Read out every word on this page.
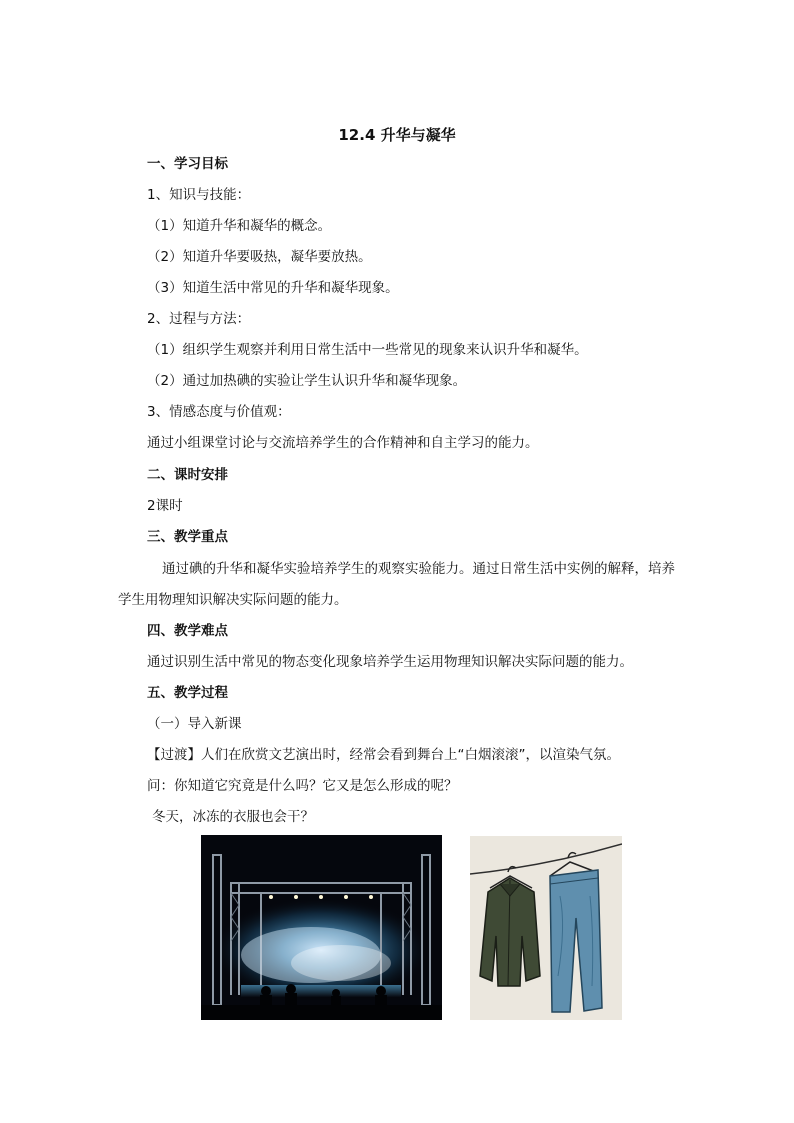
12.4 升华与凝华
一、学习目标
1、知识与技能：
（1）知道升华和凝华的概念。
（2）知道升华要吸热，凝华要放热。
（3）知道生活中常见的升华和凝华现象。
2、过程与方法：
（1）组织学生观察并利用日常生活中一些常见的现象来认识升华和凝华。
（2）通过加热碘的实验让学生认识升华和凝华现象。
3、情感态度与价值观：
通过小组课堂讨论与交流培养学生的合作精神和自主学习的能力。
二、课时安排
2课时
三、教学重点
通过碘的升华和凝华实验培养学生的观察实验能力。通过日常生活中实例的解释，培养学生用物理知识解决实际问题的能力。
四、教学难点
通过识别生活中常见的物态变化现象培养学生运用物理知识解决实际问题的能力。
五、教学过程
（一）导入新课
【过渡】人们在欣赏文艺演出时，经常会看到舞台上“白烟滚滚”，以渲染气氛。
问：你知道它究竟是什么吗？它又是怎么形成的呢？
冬天，冰冻的衣服也会干？
